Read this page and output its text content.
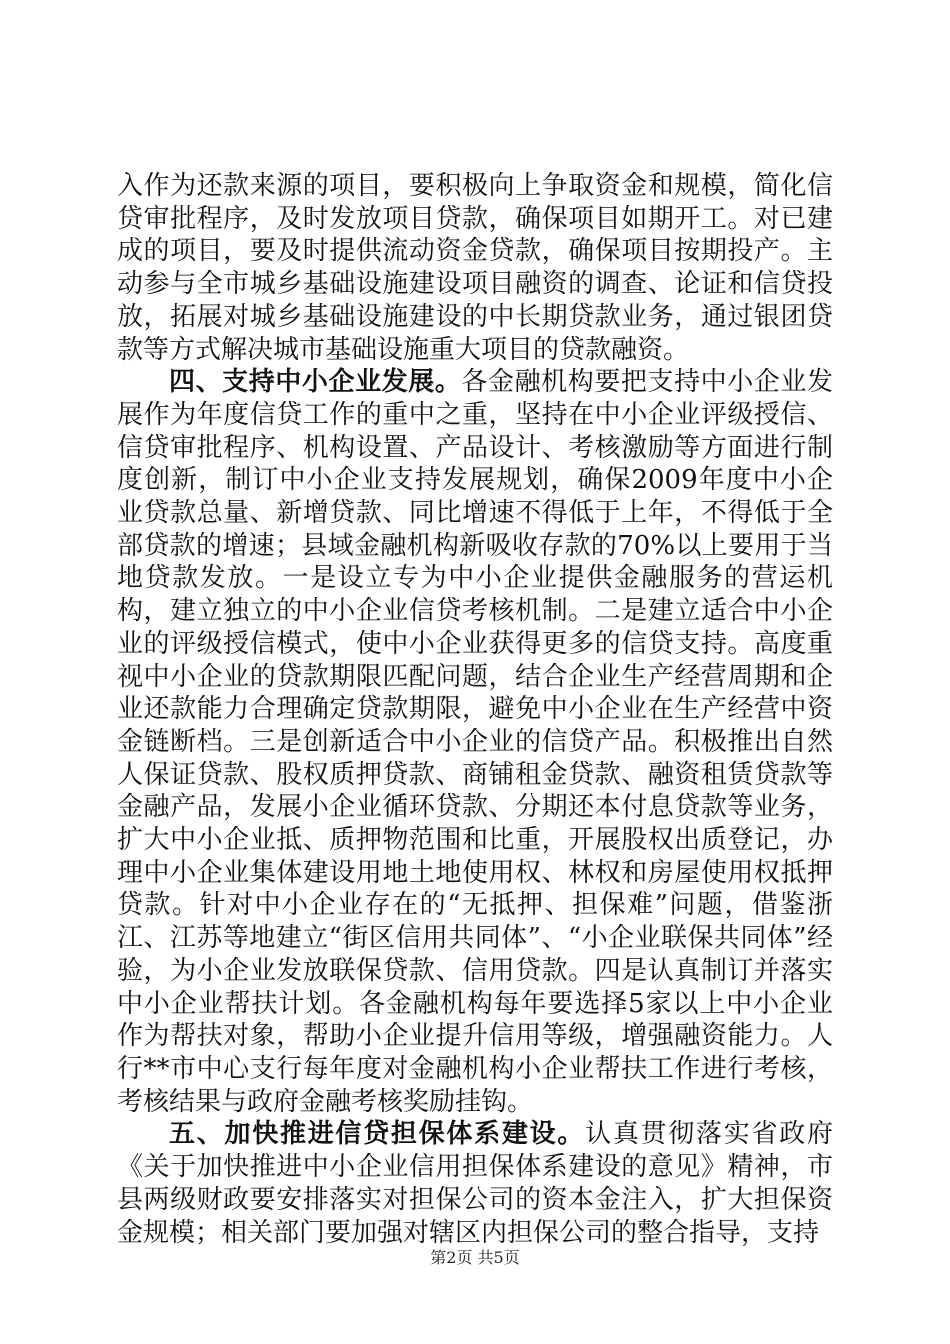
入作为还款来源的项目，要积极向上争取资金和规模，简化信贷审批程序，及时发放项目贷款，确保项目如期开工。对已建成的项目，要及时提供流动资金贷款，确保项目按期投产。主动参与全市城乡基础设施建设项目融资的调查、论证和信贷投放，拓展对城乡基础设施建设的中长期贷款业务，通过银团贷款等方式解决城市基础设施重大项目的贷款融资。

四、支持中小企业发展。各金融机构要把支持中小企业发展作为年度信贷工作的重中之重，坚持在中小企业评级授信、信贷审批程序、机构设置、产品设计、考核激励等方面进行制度创新，制订中小企业支持发展规划，确保2009年度中小企业贷款总量、新增贷款、同比增速不得低于上年，不得低于全部贷款的增速；县域金融机构新吸收存款的70%以上要用于当地贷款发放。一是设立专为中小企业提供金融服务的营运机构，建立独立的中小企业信贷考核机制。二是建立适合中小企业的评级授信模式，使中小企业获得更多的信贷支持。高度重视中小企业的贷款期限匹配问题，结合企业生产经营周期和企业还款能力合理确定贷款期限，避免中小企业在生产经营中资金链断档。三是创新适合中小企业的信贷产品。积极推出自然人保证贷款、股权质押贷款、商铺租金贷款、融资租赁贷款等金融产品，发展小企业循环贷款、分期还本付息贷款等业务，扩大中小企业抵、质押物范围和比重，开展股权出质登记，办理中小企业集体建设用地土地使用权、林权和房屋使用权抵押贷款。针对中小企业存在的“无抵押、担保难”问题，借鉴浙江、江苏等地建立“街区信用共同体”、“小企业联保共同体”经验，为小企业发放联保贷款、信用贷款。四是认真制订并落实中小企业帮扶计划。各金融机构每年要选择5家以上中小企业作为帮扶对象，帮助小企业提升信用等级，增强融资能力。人行**市中心支行每年度对金融机构小企业帮扶工作进行考核，考核结果与政府金融考核奖励挂钩。

五、加快推进信贷担保体系建设。认真贯彻落实省政府《关于加快推进中小企业信用担保体系建设的意见》精神，市县两级财政要安排落实对担保公司的资本金注入，扩大担保资金规模；相关部门要加强对辖区内担保公司的整合指导，支持

第2页 共5页
